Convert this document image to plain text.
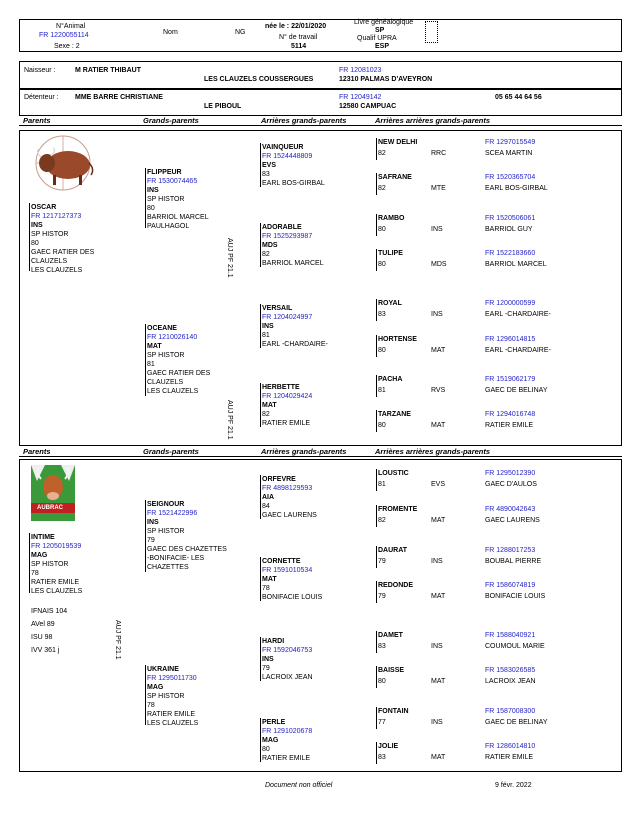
N°Animal
FR 1220055114
Sexe : 2
Nom	NG
née le : 22/01/2020
N° de travail
5114
Livre généalogique
SP
Qualif UPRA
ESP
Naisseur :	M RATIER THIBAUT
LES CLAUZELS COUSSERGUES
FR 12081023
12310 PALMAS D'AVEYRON
Détenteur : MME BARRE CHRISTIANE
LE PIBOUL
FR 12049142
12580 CAMPUAC
05 65 44 64 56
Parents	Grands-parents	Arrières grands-parents	Arrières arrières grands-parents
OSCAR
FR 1217127373
INS
SP HISTOR
80
GAEC RATIER DES
CLAUZELS
LES CLAUZELS
FLIPPEUR
FR 1530074465
INS
SP HISTOR
80
BARRIOL MARCEL
PAULHAGOL
AUJ PF 21.1
OCEANE
FR 1210026140
MAT
SP HISTOR
81
GAEC RATIER DES
CLAUZELS
LES CLAUZELS
AUJ PF 21.1
VAINQUEUR
FR 1524448809
EVS
83
EARL BOS-GIRBAL
ADORABLE
FR 1525293987
MDS
82
BARRIOL MARCEL
VERSAIL
FR 1204024997
INS
81
EARL -CHARDAIRE-
HERBETTE
FR 1204029424
MAT
82
RATIER EMILE
NEW DELHI
82	RRC
FR 1297015549
SCEA MARTIN
SAFRANE
82	MTE
FR 1520365704
EARL BOS-GIRBAL
RAMBO
80	INS
FR 1520506061
BARRIOL GUY
TULIPE
80	MDS
FR 1522183660
BARRIOL MARCEL
ROYAL
83	INS
FR 1200000599
EARL -CHARDAIRE-
HORTENSE
80	MAT
FR 1296014815
EARL -CHARDAIRE-
PACHA
81	RVS
FR 1519062179
GAEC DE BELINAY
TARZANE
80	MAT
FR 1294016748
RATIER EMILE
Parents	Grands-parents	Arrières grands-parents	Arrières arrières grands-parents
AUBRAC
INTIME
FR 1205019539
MAG
SP HISTOR
78
RATIER EMILE
LES CLAUZELS
IFNAIS 104
AVel 89
ISU 98
IVV 361 j	AUJ PF 21.1
SEIGNOUR
FR 1521422996
INS
SP HISTOR
79
GAEC DES CHAZETTES
-BONIFACIE- LES
CHAZETTES
UKRAINE
FR 1295011730
MAG
SP HISTOR
78
RATIER EMILE
LES CLAUZELS
ORFEVRE
FR 4898129593
AIA
84
GAEC LAURENS
CORNETTE
FR 1591010534
MAT
78
BONIFACIE LOUIS
HARDI
FR 1592046753
INS
79
LACROIX JEAN
PERLE
FR 1291020678
MAG
80
RATIER EMILE
LOUSTIC
81	EVS
FR 1295012390
GAEC D'AULOS
FROMENTE
82	MAT
FR 4890042643
GAEC LAURENS
DAURAT
79	INS
FR 1288017253
BOUBAL PIERRE
REDONDE
79	MAT
FR 1586074819
BONIFACIE LOUIS
DAMET
83	INS
FR 1588040921
COUMOUL MARIE
BAISSE
80	MAT
FR 1583026585
LACROIX JEAN
FONTAIN
77	INS
FR 1587008300
GAEC DE BELINAY
JOLIE
83	MAT
FR 1286014810
RATIER EMILE
Document non officiel	9 févr. 2022
